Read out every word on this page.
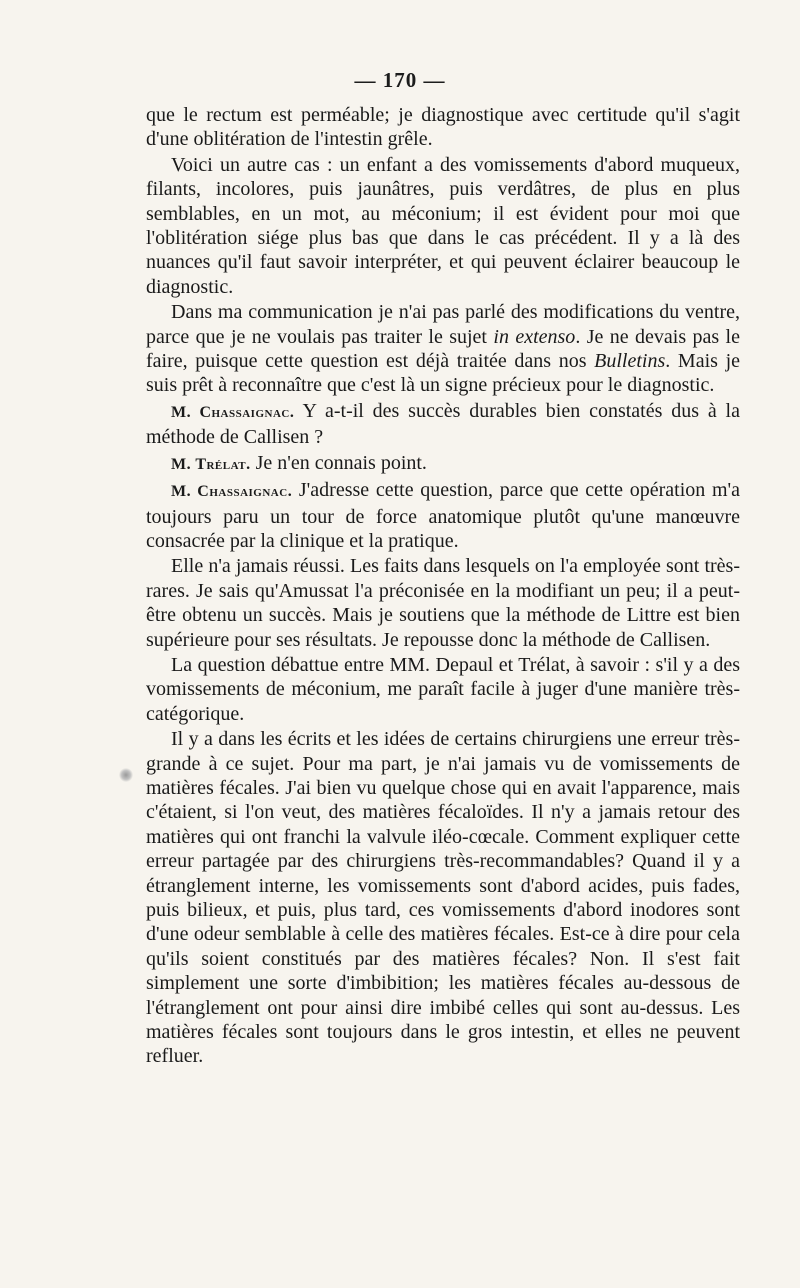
— 170 —

que le rectum est perméable; je diagnostique avec certitude qu'il s'agit d'une oblitération de l'intestin grêle.

Voici un autre cas : un enfant a des vomissements d'abord muqueux, filants, incolores, puis jaunâtres, puis verdâtres, de plus en plus semblables, en un mot, au méconium; il est évident pour moi que l'oblitération siége plus bas que dans le cas précédent. Il y a là des nuances qu'il faut savoir interpréter, et qui peuvent éclairer beaucoup le diagnostic.

Dans ma communication je n'ai pas parlé des modifications du ventre, parce que je ne voulais pas traiter le sujet in extenso. Je ne devais pas le faire, puisque cette question est déjà traitée dans nos Bulletins. Mais je suis prêt à reconnaître que c'est là un signe précieux pour le diagnostic.

M. Chassaignac. Y a-t-il des succès durables bien constatés dus à la méthode de Callisen ?

M. Trélat. Je n'en connais point.

M. Chassaignac. J'adresse cette question, parce que cette opération m'a toujours paru un tour de force anatomique plutôt qu'une manœuvre consacrée par la clinique et la pratique.

Elle n'a jamais réussi. Les faits dans lesquels on l'a employée sont très-rares. Je sais qu'Amussat l'a préconisée en la modifiant un peu; il a peut-être obtenu un succès. Mais je soutiens que la méthode de Littre est bien supérieure pour ses résultats. Je repousse donc la méthode de Callisen.

La question débattue entre MM. Depaul et Trélat, à savoir : s'il y a des vomissements de méconium, me paraît facile à juger d'une manière très-catégorique.

Il y a dans les écrits et les idées de certains chirurgiens une erreur très-grande à ce sujet. Pour ma part, je n'ai jamais vu de vomissements de matières fécales. J'ai bien vu quelque chose qui en avait l'apparence, mais c'étaient, si l'on veut, des matières fécaloïdes. Il n'y a jamais retour des matières qui ont franchi la valvule iléo-cœcale. Comment expliquer cette erreur partagée par des chirurgiens très-recommandables? Quand il y a étranglement interne, les vomissements sont d'abord acides, puis fades, puis bilieux, et puis, plus tard, ces vomissements d'abord inodores sont d'une odeur semblable à celle des matières fécales. Est-ce à dire pour cela qu'ils soient constitués par des matières fécales? Non. Il s'est fait simplement une sorte d'imbibition; les matières fécales au-dessous de l'étranglement ont pour ainsi dire imbibé celles qui sont au-dessus. Les matières fécales sont toujours dans le gros intestin, et elles ne peuvent refluer.
